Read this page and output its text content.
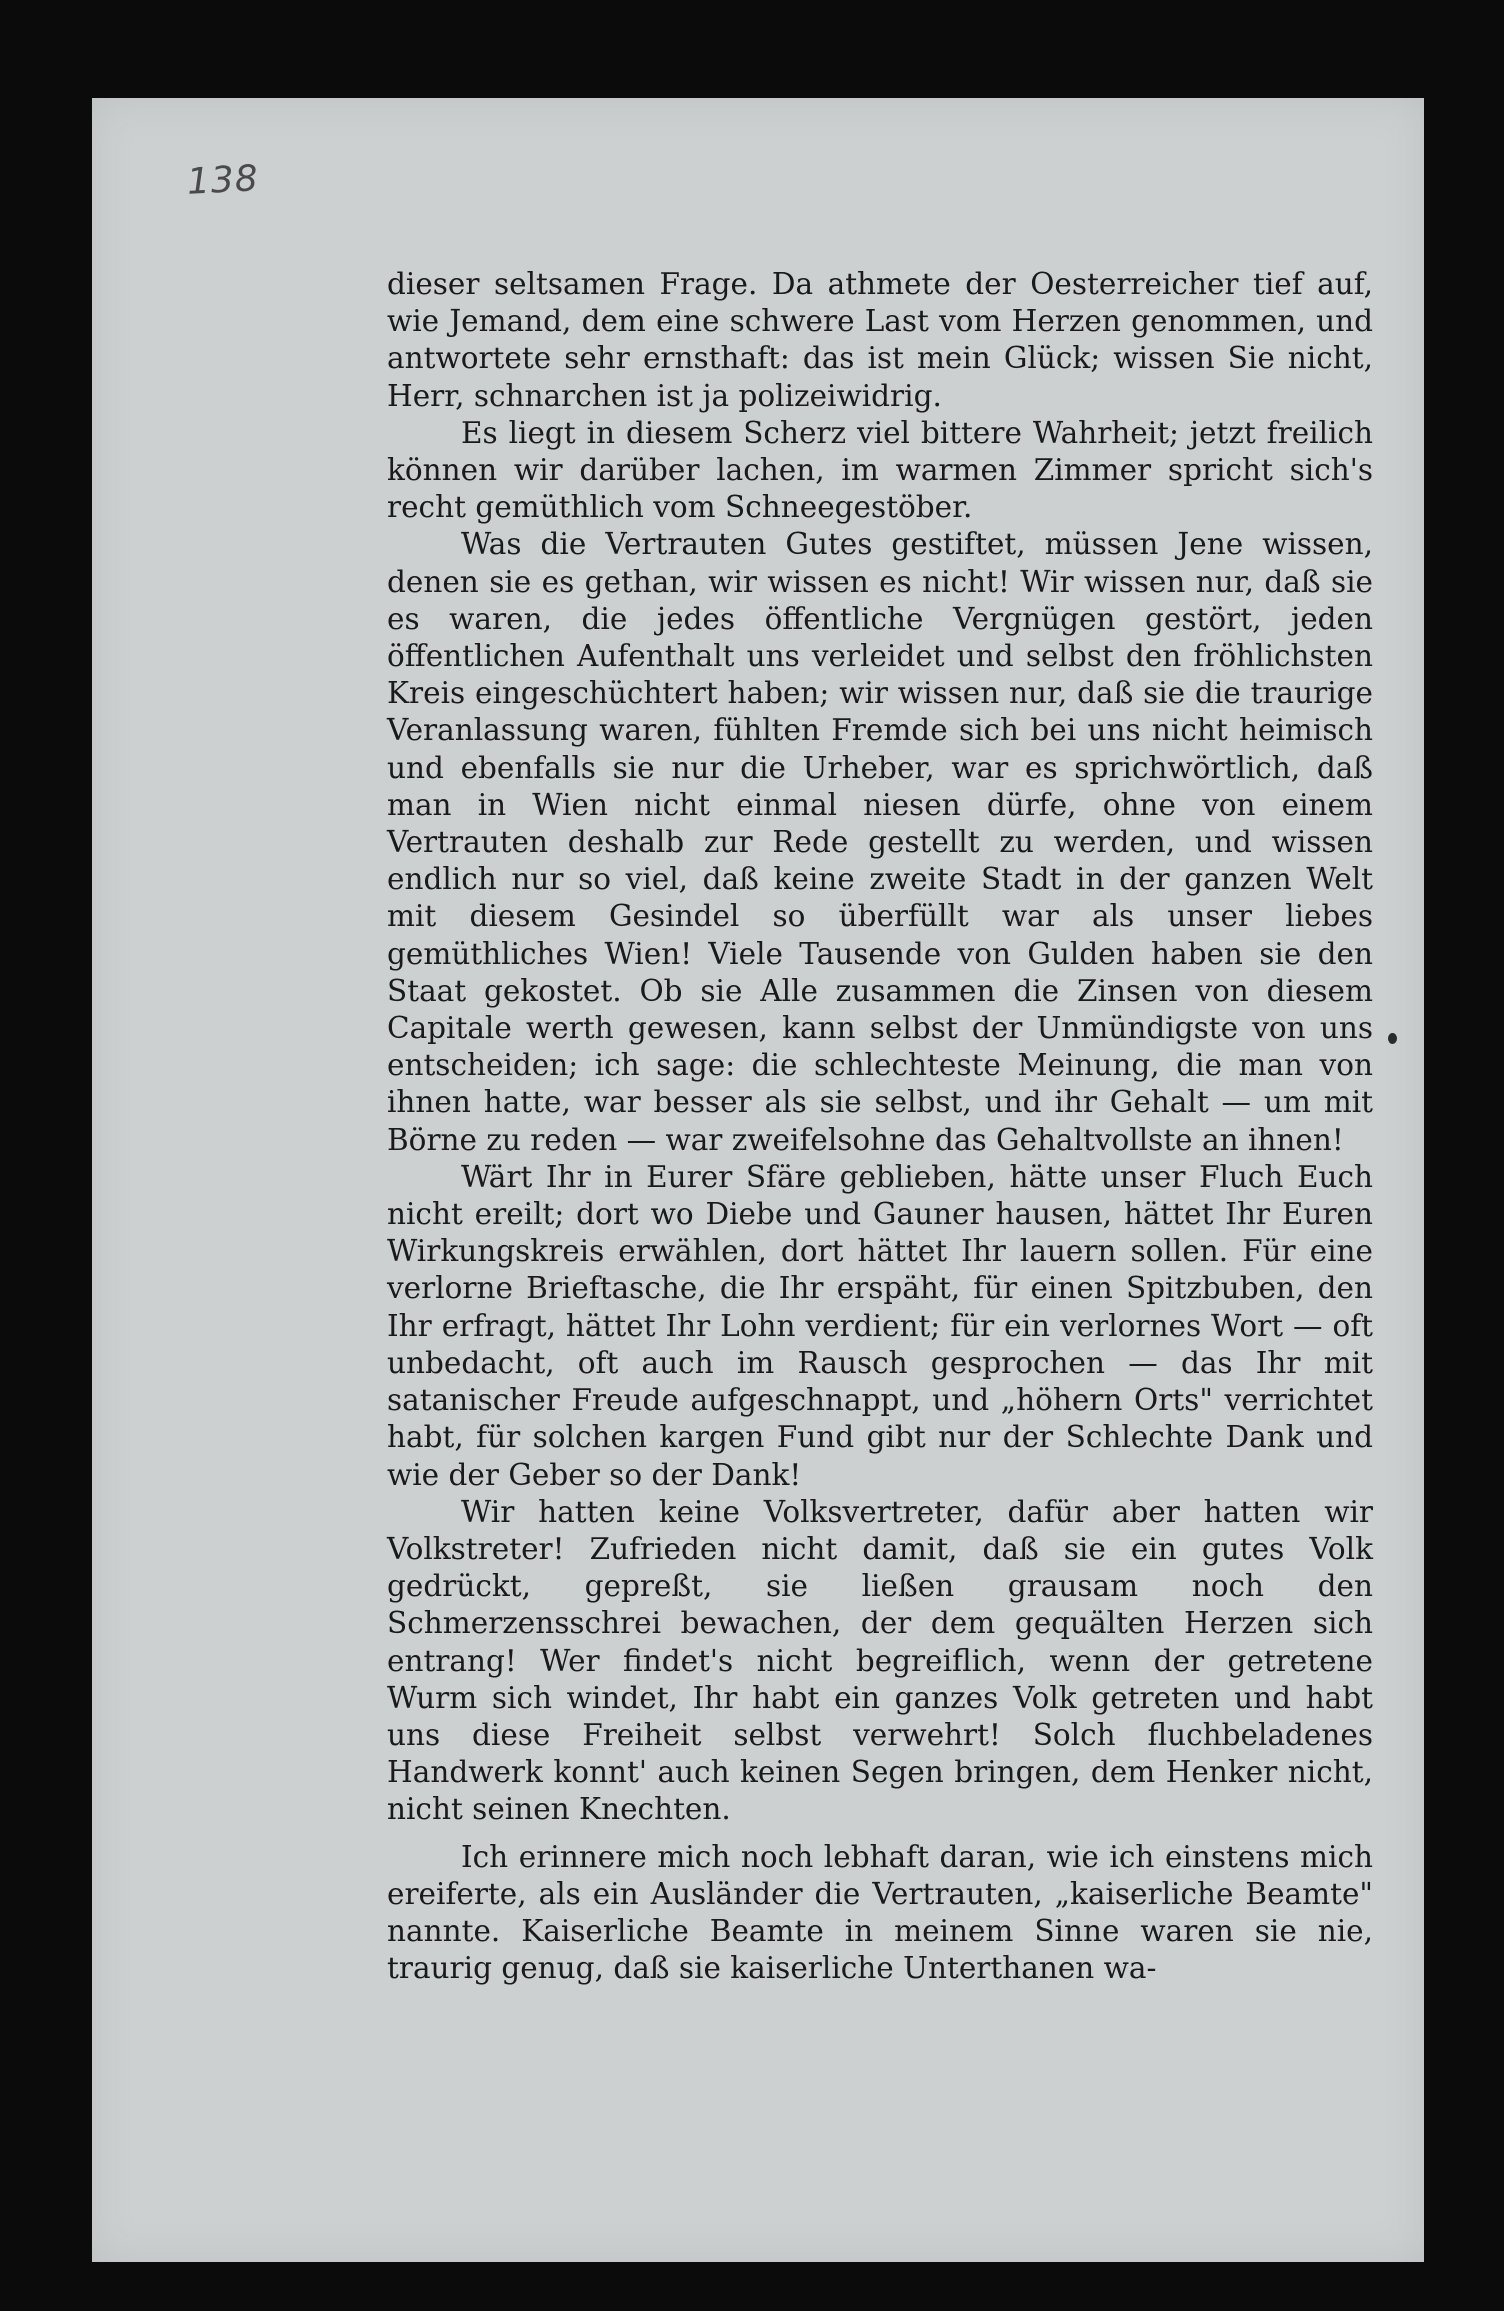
138

dieser seltsamen Frage. Da athmete der Oesterreicher tief auf, wie Jemand, dem eine schwere Last vom Herzen genommen, und antwortete sehr ernsthaft: das ist mein Glück; wissen Sie nicht, Herr, schnarchen ist ja polizeiwidrig.

Es liegt in diesem Scherz viel bittere Wahrheit; jetzt freilich können wir darüber lachen, im warmen Zimmer spricht sich's recht gemüthlich vom Schneegestöber.

Was die Vertrauten Gutes gestiftet, müssen Jene wissen, denen sie es gethan, wir wissen es nicht! Wir wissen nur, daß sie es waren, die jedes öffentliche Vergnügen gestört, jeden öffentlichen Aufenthalt uns verleidet und selbst den fröhlichsten Kreis eingeschüchtert haben; wir wissen nur, daß sie die traurige Veranlassung waren, fühlten Fremde sich bei uns nicht heimisch und ebenfalls sie nur die Urheber, war es sprichwörtlich, daß man in Wien nicht einmal niesen dürfe, ohne von einem Vertrauten deshalb zur Rede gestellt zu werden, und wissen endlich nur so viel, daß keine zweite Stadt in der ganzen Welt mit diesem Gesindel so überfüllt war als unser liebes gemüthliches Wien! Viele Tausende von Gulden haben sie den Staat gekostet. Ob sie Alle zusammen die Zinsen von diesem Capitale werth gewesen, kann selbst der Unmündigste von uns entscheiden; ich sage: die schlechteste Meinung, die man von ihnen hatte, war besser als sie selbst, und ihr Gehalt — um mit Börne zu reden — war zweifelsohne das Gehaltvollste an ihnen!

Wärt Ihr in Eurer Sfäre geblieben, hätte unser Fluch Euch nicht ereilt; dort wo Diebe und Gauner hausen, hättet Ihr Euren Wirkungskreis erwählen, dort hättet Ihr lauern sollen. Für eine verlorne Brieftasche, die Ihr erspäht, für einen Spitzbuben, den Ihr erfragt, hättet Ihr Lohn verdient; für ein verlornes Wort — oft unbedacht, oft auch im Rausch gesprochen — das Ihr mit satanischer Freude aufgeschnappt, und „höhern Orts" verrichtet habt, für solchen kargen Fund gibt nur der Schlechte Dank und wie der Geber so der Dank!

Wir hatten keine Volksvertreter, dafür aber hatten wir Volkstreter! Zufrieden nicht damit, daß sie ein gutes Volk gedrückt, gepreßt, sie ließen grausam noch den Schmerzensschrei bewachen, der dem gequälten Herzen sich entrang! Wer findet's nicht begreiflich, wenn der getretene Wurm sich windet, Ihr habt ein ganzes Volk getreten und habt uns diese Freiheit selbst verwehrt! Solch fluchbeladenes Handwerk konnt' auch keinen Segen bringen, dem Henker nicht, nicht seinen Knechten.

Ich erinnere mich noch lebhaft daran, wie ich einstens mich ereiferte, als ein Ausländer die Vertrauten, „kaiserliche Beamte" nannte. Kaiserliche Beamte in meinem Sinne waren sie nie, traurig genug, daß sie kaiserliche Unterthanen wa-
